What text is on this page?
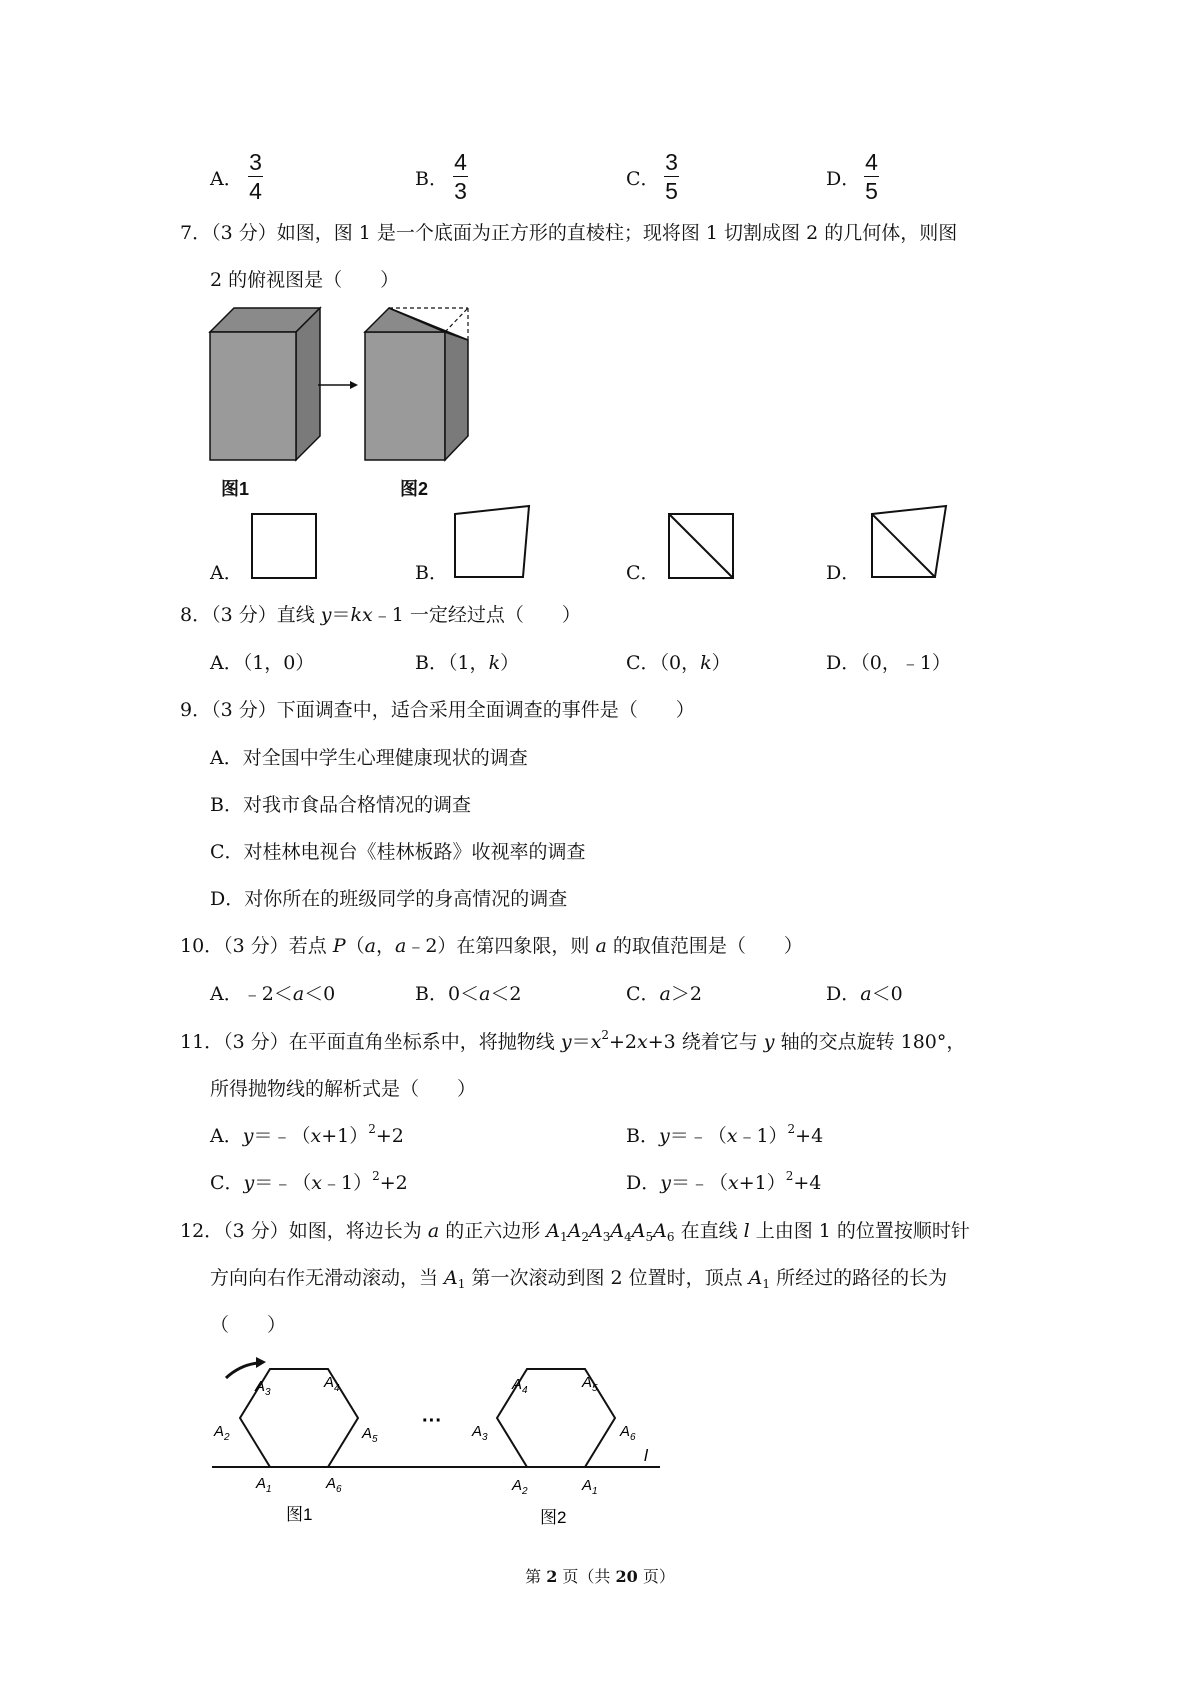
A．
3
4	B．
4
3	C．
3
5	D．
4
5
7．（3 分）如图，图 1 是一个底面为正方形的直棱柱；现将图 1 切割成图 2 的几何体，则图
2 的俯视图是（　　）
图1	图2
A．	B．	C．	D．
8．（3 分）直线 y＝kx﹣1 一定经过点（　　）
A．（1，0）	B．（1，k）	C．（0，k）	D．（0，﹣1）
9．（3 分）下面调查中，适合采用全面调查的事件是（　　）
A．对全国中学生心理健康现状的调查
B．对我市食品合格情况的调查
C．对桂林电视台《桂林板路》收视率的调查
D．对你所在的班级同学的身高情况的调查
10．（3 分）若点 P（a，a﹣2）在第四象限，则 a 的取值范围是（　　）
A．﹣2＜a＜0	B．0＜a＜2	C．a＞2	D．a＜0
11．（3 分）在平面直角坐标系中，将抛物线 $y=x^2+2x+3$ 绕着它与 y 轴的交点旋转 180°，
所得抛物线的解析式是（　　）
A．$y=﹣(x+1)^2+2$	B．y＝﹣（x﹣1）$^2$+4
C．y＝﹣（x﹣1）$^2$+2	D．$y=﹣(x+1)^2+4$
12．（3 分）如图，将边长为 a 的正六边形 $A_1A_2A_3A_4A_5A_6$ 在直线 l 上由图 1 的位置按顺时针
方向向右作无滑动滚动，当 $A_1$ 第一次滚动到图 2 位置时，顶点 $A_1$ 所经过的路径的长为
（　　）
l
$A_3$
$A_4$
$A_2$	$A_5$
$A_1$	$A_6$
图1
···
$A_4$	$A_5$
$A_3$	$A_6$
$A_2$	$A_1$
图2
第 2 页（共 20 页）
